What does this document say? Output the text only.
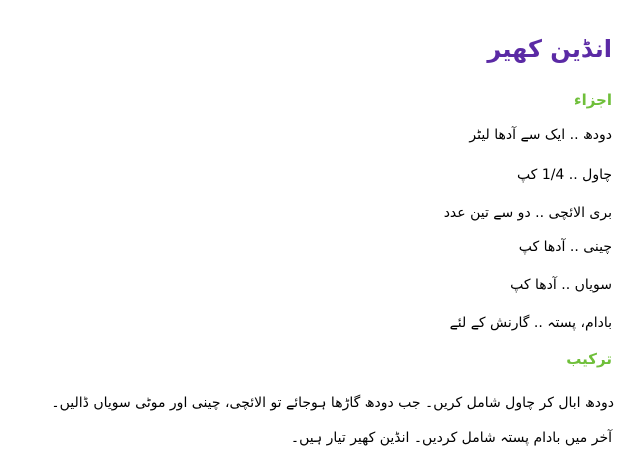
انڈین کھیر
اجزاء
دودھ .. ایک سے آدھا لیٹر
چاول .. 1/4 کپ
بری الائچی .. دو سے تین عدد
چینی .. آدھا کپ
سویاں .. آدھا کپ
بادام، پستہ .. گارنش کے لئے
ترکیب
دودھ ابال کر چاول شامل کریں۔ جب دودھ گاڑھا ہوجائے تو الائچی، چینی اور موٹی سویاں ڈالیں۔
آخر میں بادام پستہ شامل کردیں۔ انڈین کھیر تیار ہیں۔
